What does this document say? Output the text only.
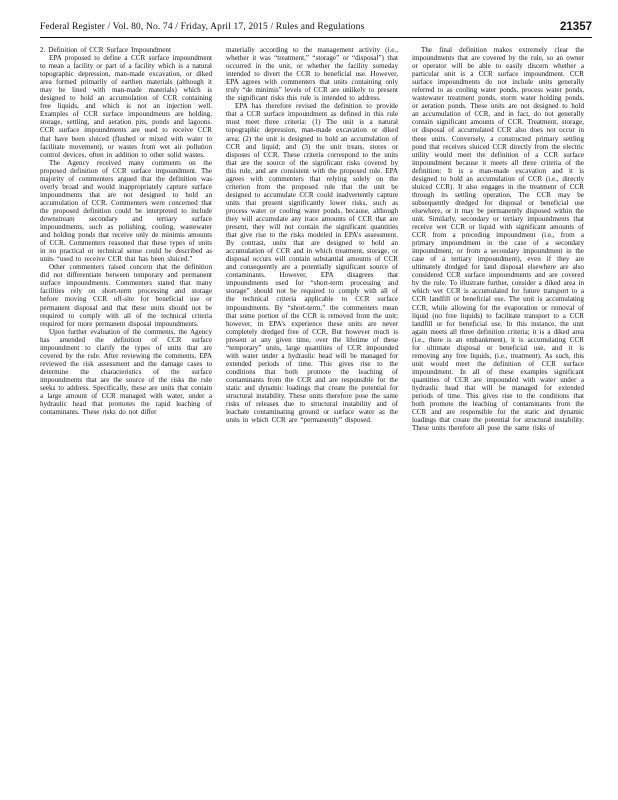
Federal Register / Vol. 80, No. 74 / Friday, April 17, 2015 / Rules and Regulations	21357

2. Definition of CCR Surface Impoundment

EPA proposed to define a CCR surface impoundment to mean a facility or part of a facility which is a natural topographic depression, man-made excavation, or diked area formed primarily of earthen materials (although it may be lined with man-made materials) which is designed to hold an accumulation of CCR containing free liquids, and which is not an injection well. Examples of CCR surface impoundments are holding, storage, settling, and aeration pits, ponds and lagoons. CCR surface impoundments are used to receive CCR that have been sluiced (flushed or mixed with water to facilitate movement), or wastes from wet air pollution control devices, often in addition to other solid wastes.

The Agency received many comments on the proposed definition of CCR surface impoundment. The majority of commenters argued that the definition was overly broad and would inappropriately capture surface impoundments that are not designed to hold an accumulation of CCR. Commenters were concerned that the proposed definition could be interpreted to include downstream secondary and tertiary surface impoundments, such as polishing, cooling, wastewater and holding ponds that receive only de minimis amounts of CCR. Commenters reasoned that these types of units in no practical or technical sense could be described as units “used to receive CCR that has been sluiced.”

Other commenters raised concern that the definition did not differentiate between temporary and permanent surface impoundments. Commenters stated that many facilities rely on short-term processing and storage before moving CCR off-site for beneficial use or permanent disposal and that these units should not be required to comply with all of the technical criteria required for more permanent disposal impoundments.

Upon further evaluation of the comments, the Agency has amended the definition of CCR surface impoundment to clarify the types of units that are covered by the rule. After reviewing the comments, EPA reviewed the risk assessment and the damage cases to determine the characteristics of the surface impoundments that are the source of the risks the rule seeks to address. Specifically, these are units that contain a large amount of CCR managed with water, under a hydraulic head that promotes the rapid leaching of contaminants. These risks do not differ

materially according to the management activity (i.e., whether it was “treatment,” “storage” or “disposal”) that occurred in the unit, or whether the facility someday intended to divert the CCR to beneficial use. However, EPA agrees with commenters that units containing only truly “de minimis” levels of CCR are unlikely to present the significant risks this rule is intended to address.

EPA has therefore revised the definition to provide that a CCR surface impoundment as defined in this rule must meet three criteria: (1) The unit is a natural topographic depression, man-made excavation or diked area; (2) the unit is designed to hold an accumulation of CCR and liquid; and (3) the unit treats, stores or disposes of CCR. These criteria correspond to the units that are the source of the significant risks covered by this rule, and are consistent with the proposed rule. EPA agrees with commenters that relying solely on the criterion from the proposed rule that the unit be designed to accumulate CCR could inadvertently capture units that present significantly lower risks, such as process water or cooling water ponds, because, although they will accumulate any trace amounts of CCR that are present, they will not contain the significant quantities that give rise to the risks modeled in EPA’s assessment. By contrast, units that are designed to hold an accumulation of CCR and in which treatment, storage, or disposal occurs will contain substantial amounts of CCR and consequently are a potentially significant source of contaminants. However, EPA disagrees that impoundments used for “short-term processing and storage” should not be required to comply with all of the technical criteria applicable to CCR surface impoundments. By “short-term,” the commenters mean that some portion of the CCR is removed from the unit; however, in EPA’s experience these units are never completely dredged free of CCR. But however much is present at any given time, over the lifetime of these “temporary” units, large quantities of CCR impounded with water under a hydraulic head will be managed for extended periods of time. This gives rise to the conditions that both promote the leaching of contaminants from the CCR and are responsible for the static and dynamic loadings that create the potential for structural instability. These units therefore pose the same risks of releases due to structural instability and of leachate contaminating ground or surface water as the units in which CCR are “permanently” disposed.

The final definition makes extremely clear the impoundments that are covered by the rule, so an owner or operator will be able to easily discern whether a particular unit is a CCR surface impoundment. CCR surface impoundments do not include units generally referred to as cooling water ponds, process water ponds, wastewater treatment ponds, storm water holding ponds, or aeration ponds. These units are not designed to hold an accumulation of CCR, and in fact, do not generally contain significant amounts of CCR. Treatment, storage, or disposal of accumulated CCR also does not occur in these units. Conversely, a constructed primary settling pond that receives sluiced CCR directly from the electric utility would meet the definition of a CCR surface impoundment because it meets all three criteria of the definition: It is a man-made excavation and it is designed to hold an accumulation of CCR (i.e., directly sluiced CCR). It also engages in the treatment of CCR through its settling operation. The CCR may be subsequently dredged for disposal or beneficial use elsewhere, or it may be permanently disposed within the unit. Similarly, secondary or tertiary impoundments that receive wet CCR or liquid with significant amounts of CCR from a preceding impoundment (i.e., from a primary impoundment in the case of a secondary impoundment, or from a secondary impoundment in the case of a tertiary impoundment), even if they are ultimately dredged for land disposal elsewhere are also considered CCR surface impoundments and are covered by the rule. To illustrate further, consider a diked area in which wet CCR is accumulated for future transport to a CCR landfill or beneficial use. The unit is accumulating CCR, while allowing for the evaporation or removal of liquid (no free liquids) to facilitate transport to a CCR landfill or for beneficial use. In this instance, the unit again meets all three definition criteria; it is a diked area (i.e., there is an embankment), it is accumulating CCR for ultimate disposal or beneficial use, and it is removing any free liquids, (i.e., treatment). As such, this unit would meet the definition of CCR surface impoundment. In all of these examples significant quantities of CCR are impounded with water under a hydraulic head that will be managed for extended periods of time. This gives rise to the conditions that both promote the leaching of contaminants from the CCR and are responsible for the static and dynamic loadings that create the potential for structural instability. These units therefore all pose the same risks of
